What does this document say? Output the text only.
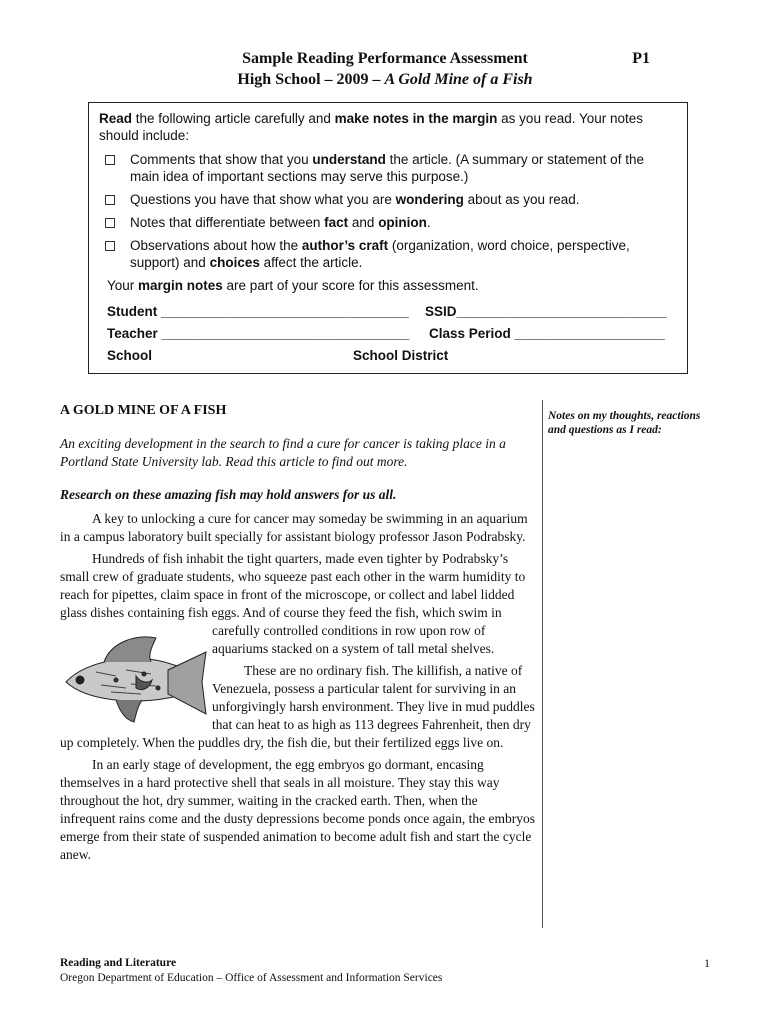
Sample Reading Performance Assessment
High School – 2009 – A Gold Mine of a Fish
P1
Read the following article carefully and make notes in the margin as you read. Your notes should include:
Comments that show that you understand the article. (A summary or statement of the main idea of important sections may serve this purpose.)
Questions you have that show what you are wondering about as you read.
Notes that differentiate between fact and opinion.
Observations about how the author’s craft (organization, word choice, perspective, support) and choices affect the article.
Your margin notes are part of your score for this assessment.
Student _________________________________ SSID____________________________
Teacher _________________________________ Class Period ____________________
School	School District
A GOLD MINE OF A FISH
An exciting development in the search to find a cure for cancer is taking place in a Portland State University lab. Read this article to find out more.
Research on these amazing fish may hold answers for us all.

A key to unlocking a cure for cancer may someday be swimming in an aquarium in a campus laboratory built specially for assistant biology professor Jason Podrabsky.

Hundreds of fish inhabit the tight quarters, made even tighter by Podrabsky’s small crew of graduate students, who squeeze past each other in the warm humidity to reach for pipettes, claim space in front of the microscope, or collect and label lidded glass dishes containing fish eggs. And of course they feed the fish, which swim in carefully controlled conditions in row upon row of aquariums stacked on a system of tall metal shelves.

These are no ordinary fish. The killifish, a native of Venezuela, possess a particular talent for surviving in an unforgivingly harsh environment. They live in mud puddles that can heat to as high as 113 degrees Fahrenheit, then dry up completely. When the puddles dry, the fish die, but their fertilized eggs live on.

In an early stage of development, the egg embryos go dormant, encasing themselves in a hard protective shell that seals in all moisture. They stay this way throughout the hot, dry summer, waiting in the cracked earth. Then, when the infrequent rains come and the dusty depressions become ponds once again, the embryos emerge from their state of suspended animation to become adult fish and start the cycle anew.

Notes on my thoughts, reactions and questions as I read:
Reading and Literature
Oregon Department of Education – Office of Assessment and Information Services
1
